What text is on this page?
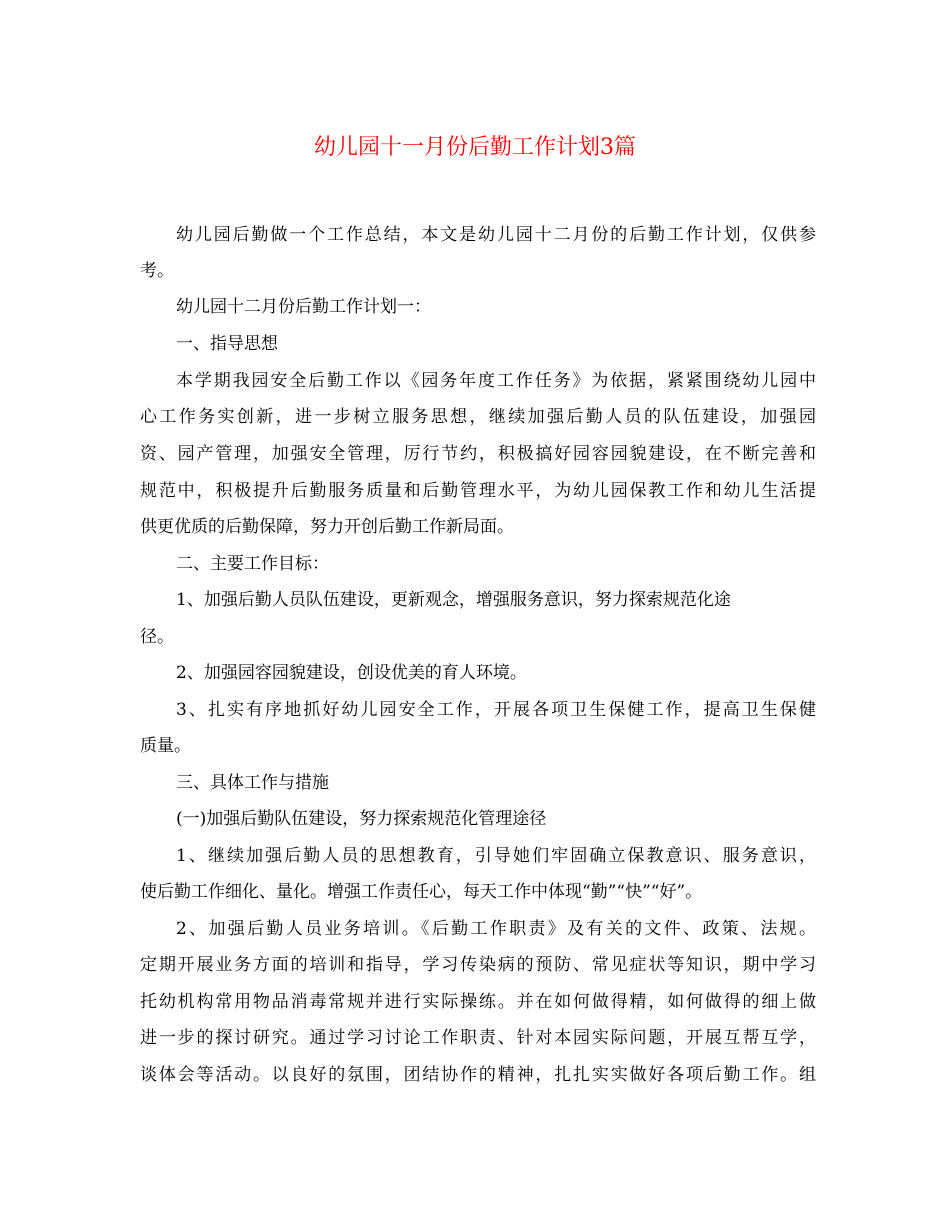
幼儿园十一月份后勤工作计划3篇
幼儿园后勤做一个工作总结，本文是幼儿园十二月份的后勤工作计划，仅供参
考。
幼儿园十二月份后勤工作计划一：
一、指导思想
本学期我园安全后勤工作以《园务年度工作任务》为依据，紧紧围绕幼儿园中
心工作务实创新，进一步树立服务思想，继续加强后勤人员的队伍建设，加强园
资、园产管理，加强安全管理，厉行节约，积极搞好园容园貌建设，在不断完善和
规范中，积极提升后勤服务质量和后勤管理水平，为幼儿园保教工作和幼儿生活提
供更优质的后勤保障，努力开创后勤工作新局面。
二、主要工作目标：
1、加强后勤人员队伍建设，更新观念，增强服务意识，努力探索规范化途
径。
2、加强园容园貌建设，创设优美的育人环境。
3、扎实有序地抓好幼儿园安全工作，开展各项卫生保健工作，提高卫生保健
质量。
三、具体工作与措施
(一)加强后勤队伍建设，努力探索规范化管理途径
1、继续加强后勤人员的思想教育，引导她们牢固确立保教意识、服务意识，
使后勤工作细化、量化。增强工作责任心，每天工作中体现“勤”“快”“好”。
2、加强后勤人员业务培训。《后勤工作职责》及有关的文件、政策、法规。
定期开展业务方面的培训和指导，学习传染病的预防、常见症状等知识，期中学习
托幼机构常用物品消毒常规并进行实际操练。并在如何做得精，如何做得的细上做
进一步的探讨研究。通过学习讨论工作职责、针对本园实际问题，开展互帮互学，
谈体会等活动。以良好的氛围，团结协作的精神，扎扎实实做好各项后勤工作。组
